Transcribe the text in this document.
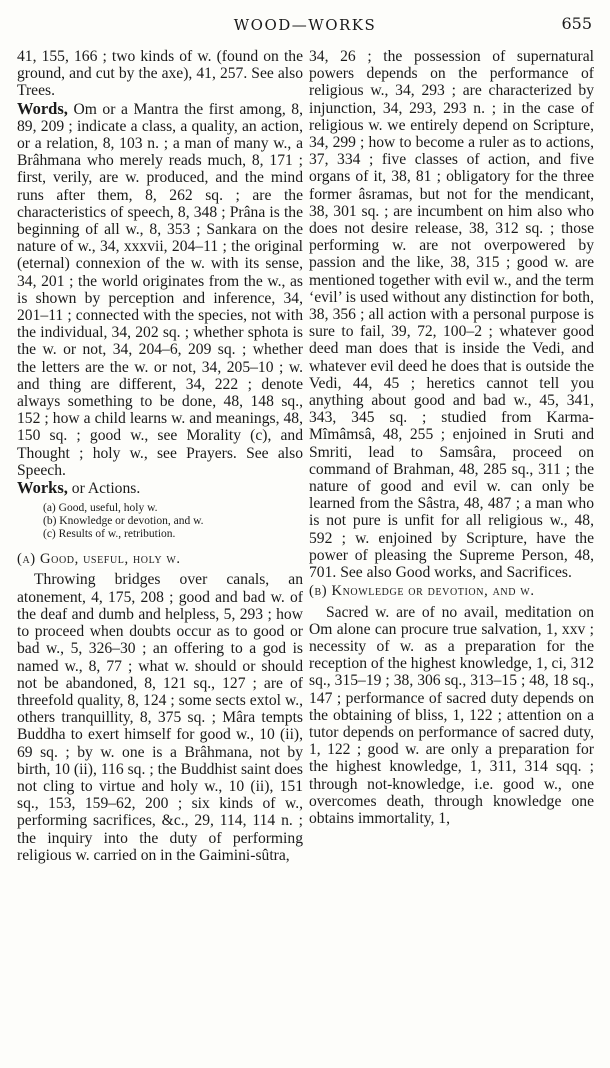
WOOD—WORKS	655

41, 155, 166 ; two kinds of w. (found on the ground, and cut by the axe), 41, 257. See also Trees.

Words, Om or a Mantra the first among, 8, 89, 209 ; indicate a class, a quality, an action, or a relation, 8, 103 n. ; a man of many w., a Brâhmana who merely reads much, 8, 171 ; first, verily, are w. produced, and the mind runs after them, 8, 262 sq. ; are the characteristics of speech, 8, 348 ; Prâna is the beginning of all w., 8, 353 ; Sankara on the nature of w., 34, xxxvii, 204–11 ; the original (eternal) connexion of the w. with its sense, 34, 201 ; the world originates from the w., as is shown by perception and inference, 34, 201–11 ; connected with the species, not with the individual, 34, 202 sq. ; whether sphota is the w. or not, 34, 204–6, 209 sq. ; whether the letters are the w. or not, 34, 205–10 ; w. and thing are different, 34, 222 ; denote always something to be done, 48, 148 sq., 152 ; how a child learns w. and meanings, 48, 150 sq. ; good w., see Morality (c), and Thought ; holy w., see Prayers. See also Speech.

Works, or Actions.

(a) Good, useful, holy w.
(b) Knowledge or devotion, and w.
(c) Results of w., retribution.

(a) Good, useful, holy w.

Throwing bridges over canals, an atonement, 4, 175, 208 ; good and bad w. of the deaf and dumb and helpless, 5, 293 ; how to proceed when doubts occur as to good or bad w., 5, 326–30 ; an offering to a god is named w., 8, 77 ; what w. should or should not be abandoned, 8, 121 sq., 127 ; are of threefold quality, 8, 124 ; some sects extol w., others tranquillity, 8, 375 sq. ; Mâra tempts Buddha to exert himself for good w., 10 (ii), 69 sq. ; by w. one is a Brâhmana, not by birth, 10 (ii), 116 sq. ; the Buddhist saint does not cling to virtue and holy w., 10 (ii), 151 sq., 153, 159–62, 200 ; six kinds of w., performing sacrifices, &c., 29, 114, 114 n. ; the inquiry into the duty of performing religious w. carried on in the Gaimini-sûtra,

34, 26 ; the possession of supernatural powers depends on the performance of religious w., 34, 293 ; are characterized by injunction, 34, 293, 293 n. ; in the case of religious w. we entirely depend on Scripture, 34, 299 ; how to become a ruler as to actions, 37, 334 ; five classes of action, and five organs of it, 38, 81 ; obligatory for the three former âsramas, but not for the mendicant, 38, 301 sq. ; are incumbent on him also who does not desire release, 38, 312 sq. ; those performing w. are not overpowered by passion and the like, 38, 315 ; good w. are mentioned together with evil w., and the term ‘evil’ is used without any distinction for both, 38, 356 ; all action with a personal purpose is sure to fail, 39, 72, 100–2 ; whatever good deed man does that is inside the Vedi, and whatever evil deed he does that is outside the Vedi, 44, 45 ; heretics cannot tell you anything about good and bad w., 45, 341, 343, 345 sq. ; studied from Karma-Mîmâmsâ, 48, 255 ; enjoined in Sruti and Smriti, lead to Samsâra, proceed on command of Brahman, 48, 285 sq., 311 ; the nature of good and evil w. can only be learned from the Sâstra, 48, 487 ; a man who is not pure is unfit for all religious w., 48, 592 ; w. enjoined by Scripture, have the power of pleasing the Supreme Person, 48, 701. See also Good works, and Sacrifices.

(b) Knowledge or devotion, and w.

Sacred w. are of no avail, meditation on Om alone can procure true salvation, 1, xxv ; necessity of w. as a preparation for the reception of the highest knowledge, 1, ci, 312 sq., 315–19 ; 38, 306 sq., 313–15 ; 48, 18 sq., 147 ; performance of sacred duty depends on the obtaining of bliss, 1, 122 ; attention on a tutor depends on performance of sacred duty, 1, 122 ; good w. are only a preparation for the highest knowledge, 1, 311, 314 sqq. ; through not-knowledge, i.e. good w., one overcomes death, through knowledge one obtains immortality, 1,
